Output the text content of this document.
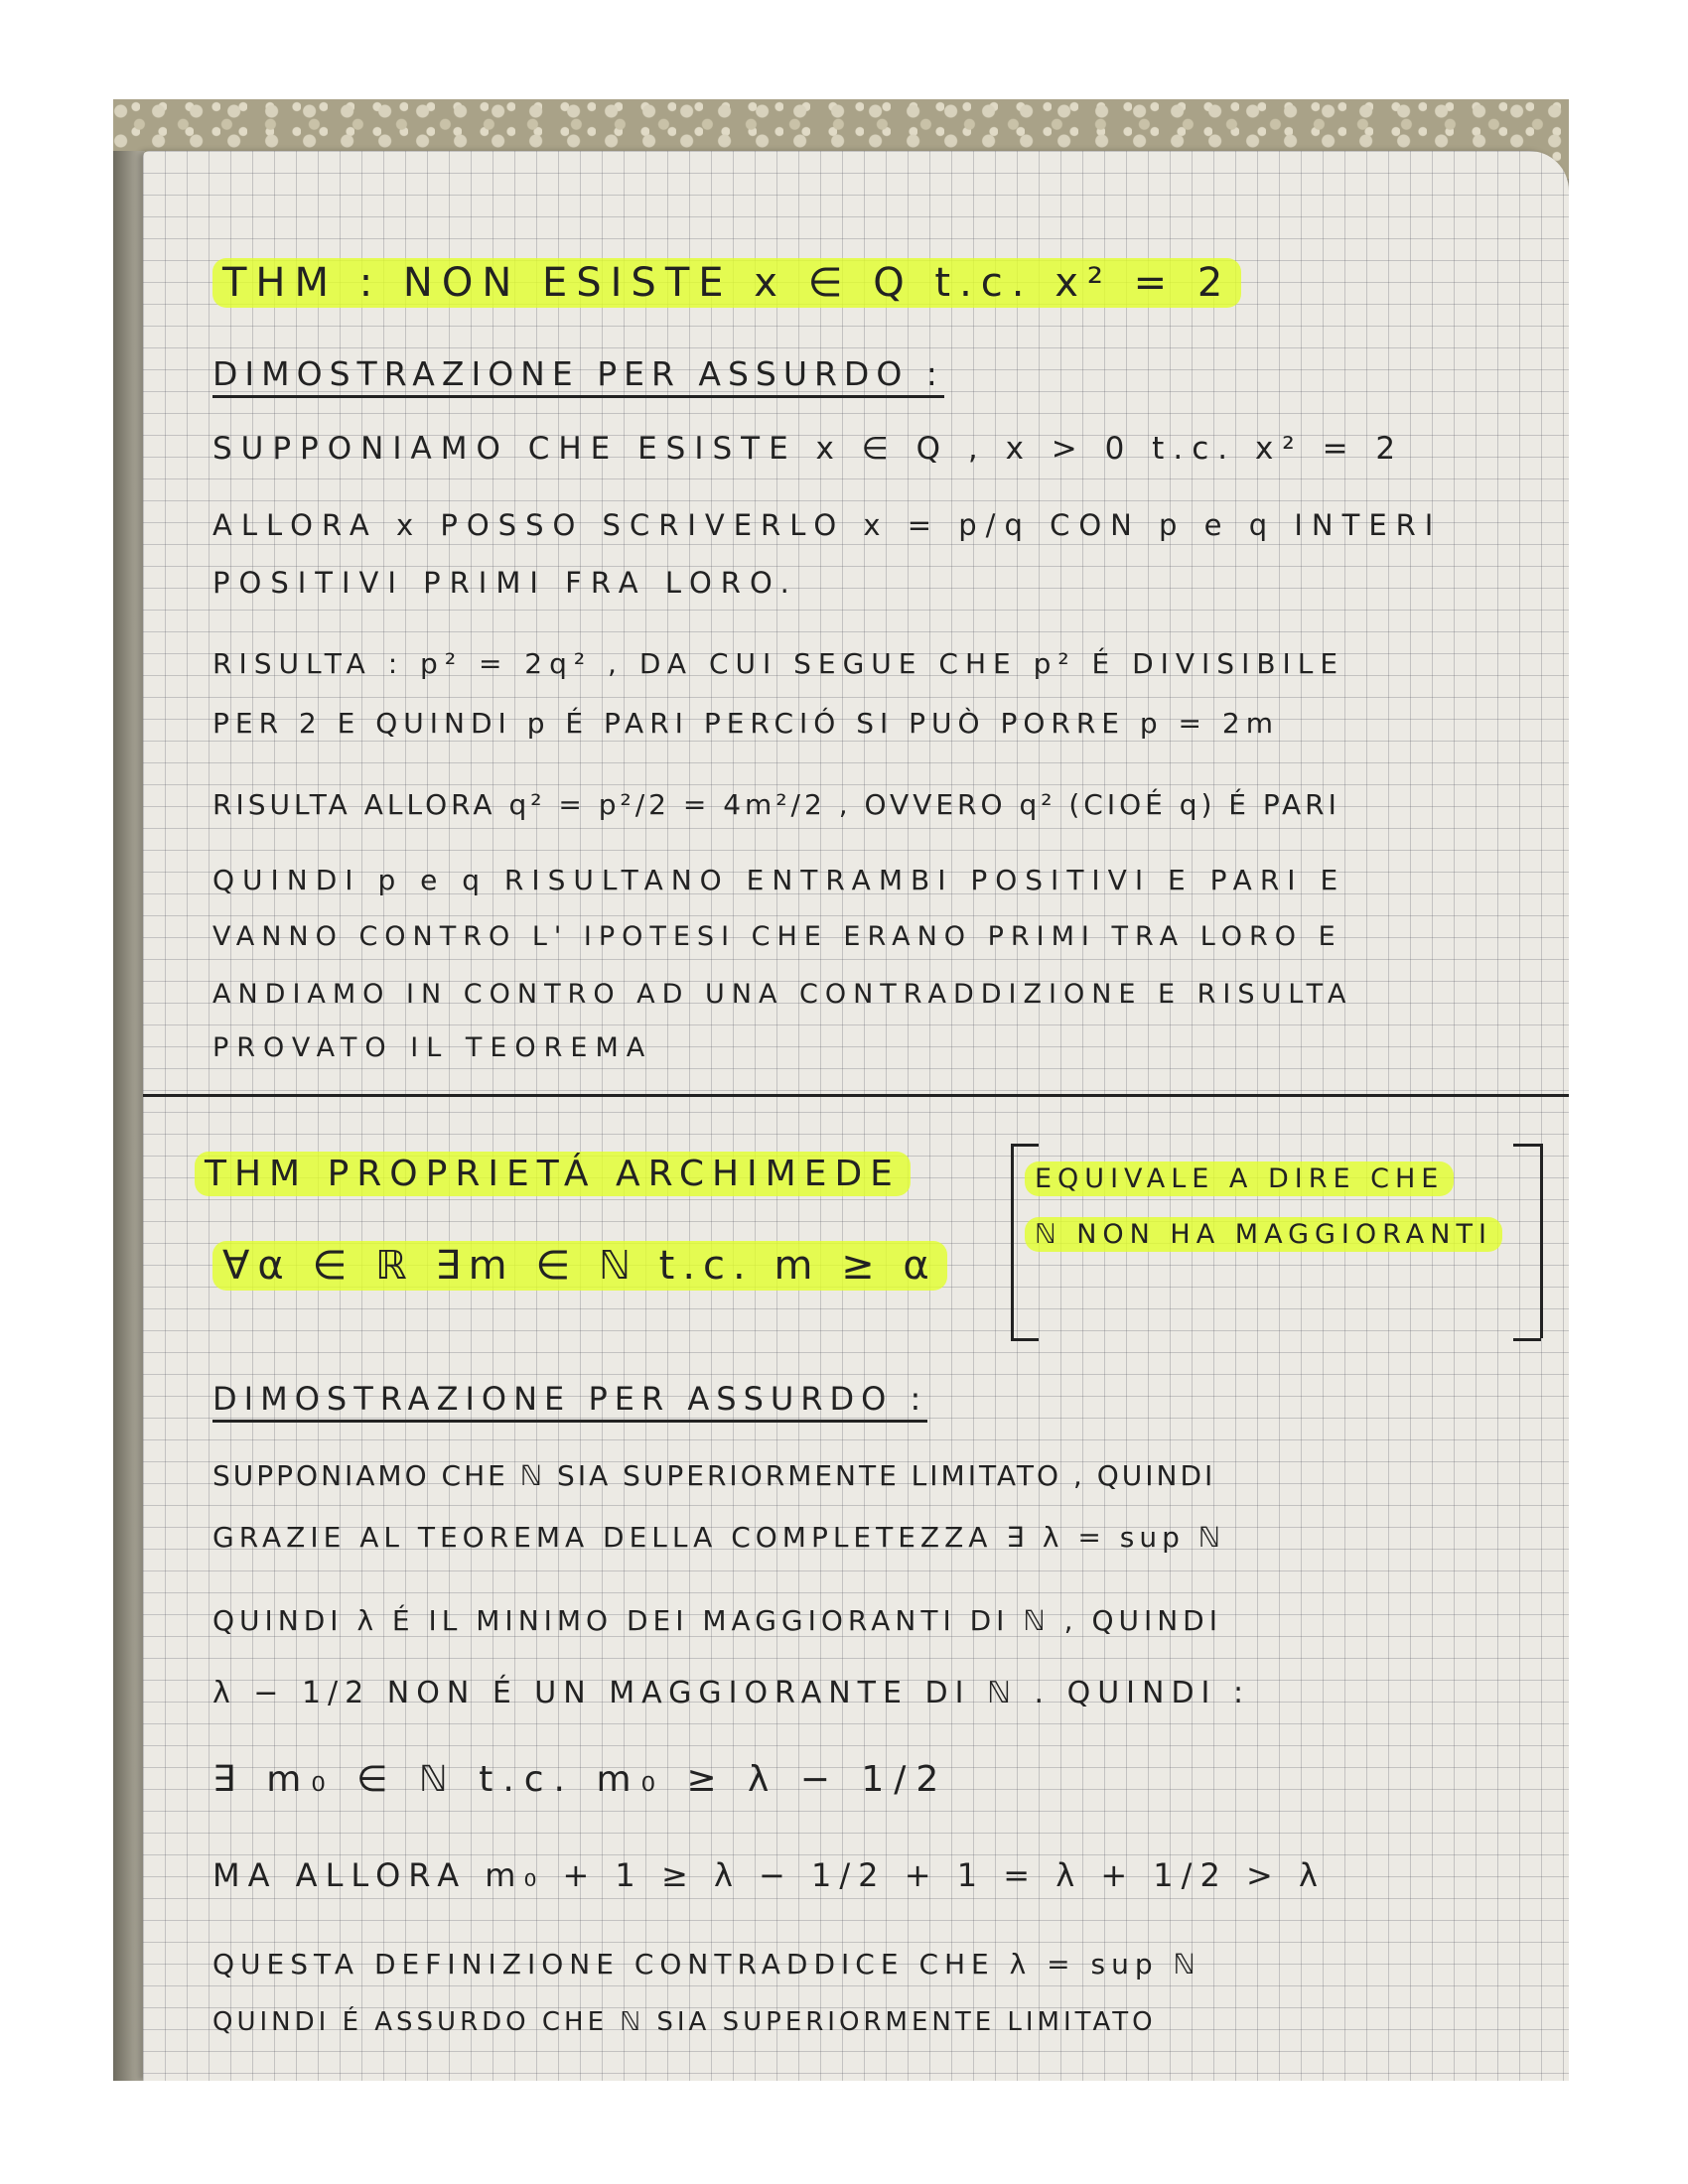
THM : NON ESISTE x ∈ Q t.c. x² = 2
DIMOSTRAZIONE PER ASSURDO :
SUPPONIAMO CHE ESISTE x ∈ Q , x > 0 t.c. x² = 2
ALLORA x POSSO SCRIVERLO x = p/q CON p e q INTERI
POSITIVI PRIMI FRA LORO.
RISULTA : p² = 2q² , DA CUI SEGUE CHE p² É DIVISIBILE
PER 2 E QUINDI p É PARI PERCIÓ SI PUÒ PORRE p = 2m
RISULTA ALLORA q² = p²/2 = 4m²/2 , OVVERO q² (CIOÉ q) É PARI
QUINDI p e q RISULTANO ENTRAMBI POSITIVI E PARI E
VANNO CONTRO L' IPOTESI CHE ERANO PRIMI TRA LORO E
ANDIAMO IN CONTRO AD UNA CONTRADDIZIONE E RISULTA
PROVATO IL TEOREMA
THM PROPRIETÁ ARCHIMEDE
∀α ∈ ℝ ∃m ∈ ℕ t.c. m ≥ α
EQUIVALE A DIRE CHE
ℕ NON HA MAGGIORANTI
DIMOSTRAZIONE PER ASSURDO :
SUPPONIAMO CHE ℕ SIA SUPERIORMENTE LIMITATO , QUINDI
GRAZIE AL TEOREMA DELLA COMPLETEZZA ∃ λ = sup ℕ
QUINDI λ É IL MINIMO DEI MAGGIORANTI DI ℕ , QUINDI
λ − 1/2 NON É UN MAGGIORANTE DI ℕ . QUINDI :
∃ m₀ ∈ ℕ t.c. m₀ ≥ λ − 1/2
MA ALLORA m₀ + 1 ≥ λ − 1/2 + 1 = λ + 1/2 > λ
QUESTA DEFINIZIONE CONTRADDICE CHE λ = sup ℕ
QUINDI É ASSURDO CHE ℕ SIA SUPERIORMENTE LIMITATO
